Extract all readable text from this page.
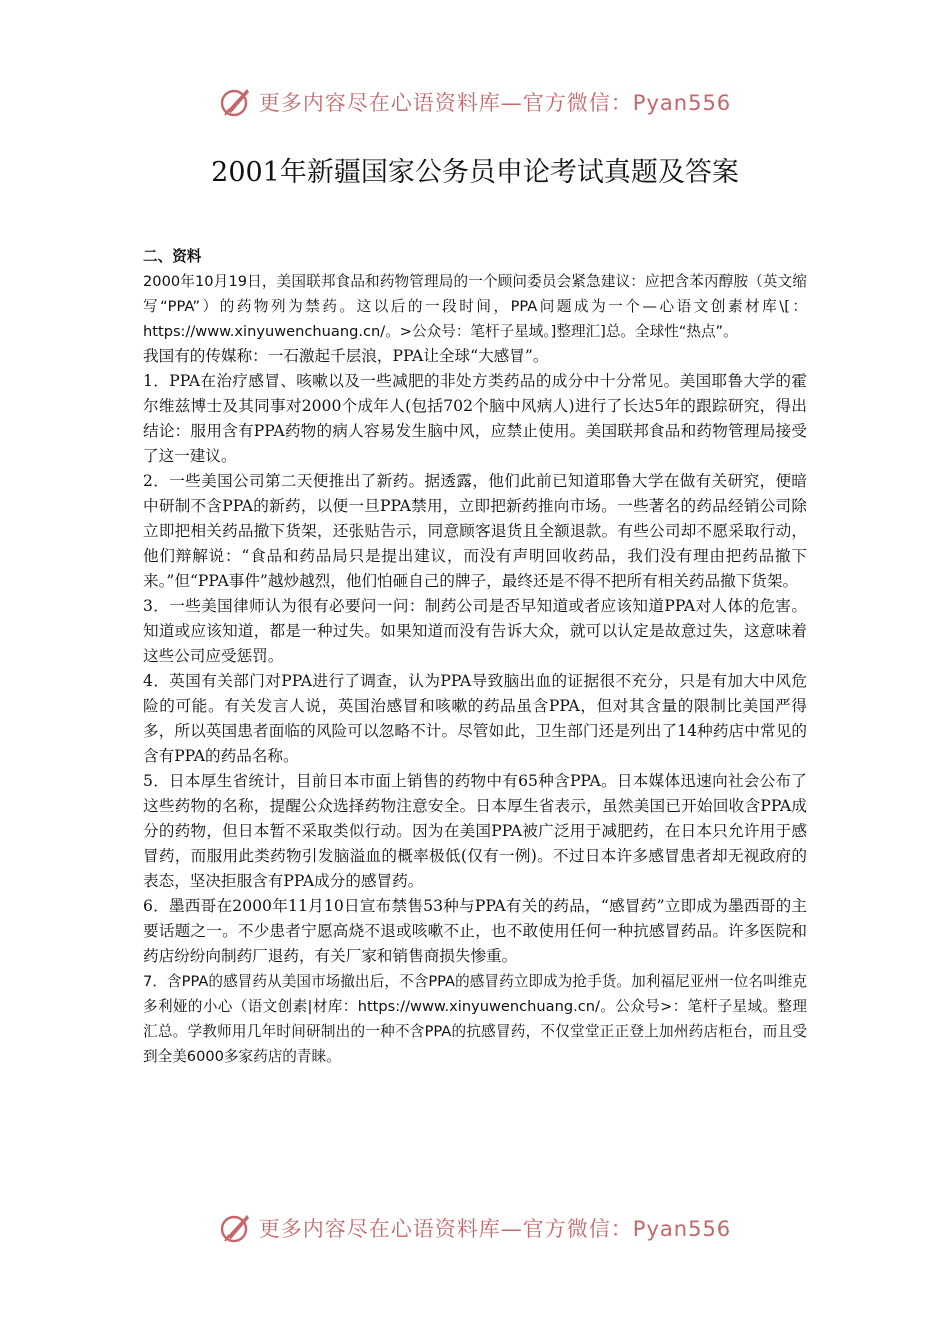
更多内容尽在心语资料库—官方微信：Pyan556
2001年新疆国家公务员申论考试真题及答案

二、资料

2000年10月19日，美国联邦食品和药物管理局的一个顾问委员会紧急建议：应把含苯丙醇胺（英文缩写“PPA”）的药物列为禁药。这以后的一段时间，PPA问题成为一个—心语文创素材库\[：https://www.xinyuwenchuang.cn/。>公众号：笔杆子星域。]整理汇]总。全球性“热点”。

我国有的传媒称：一石激起千层浪，PPA让全球“大感冒”。

1．PPA在治疗感冒、咳嗽以及一些减肥的非处方类药品的成分中十分常见。美国耶鲁大学的霍尔维兹博士及其同事对2000个成年人(包括702个脑中风病人)进行了长达5年的跟踪研究，得出结论：服用含有PPA药物的病人容易发生脑中风，应禁止使用。美国联邦食品和药物管理局接受了这一建议。

2．一些美国公司第二天便推出了新药。据透露，他们此前已知道耶鲁大学在做有关研究，便暗中研制不含PPA的新药，以便一旦PPA禁用，立即把新药推向市场。一些著名的药品经销公司除立即把相关药品撤下货架，还张贴告示，同意顾客退货且全额退款。有些公司却不愿采取行动，他们辩解说：“食品和药品局只是提出建议，而没有声明回收药品，我们没有理由把药品撤下来。”但“PPA事件”越炒越烈，他们怕砸自己的牌子，最终还是不得不把所有相关药品撤下货架。

3．一些美国律师认为很有必要问一问：制药公司是否早知道或者应该知道PPA对人体的危害。知道或应该知道，都是一种过失。如果知道而没有告诉大众，就可以认定是故意过失，这意味着这些公司应受惩罚。

4．英国有关部门对PPA进行了调查，认为PPA导致脑出血的证据很不充分，只是有加大中风危险的可能。有关发言人说，英国治感冒和咳嗽的药品虽含PPA，但对其含量的限制比美国严得多，所以英国患者面临的风险可以忽略不计。尽管如此，卫生部门还是列出了14种药店中常见的含有PPA的药品名称。

5．日本厚生省统计，目前日本市面上销售的药物中有65种含PPA。日本媒体迅速向社会公布了这些药物的名称，提醒公众选择药物注意安全。日本厚生省表示，虽然美国已开始回收含PPA成分的药物，但日本暂不采取类似行动。因为在美国PPA被广泛用于减肥药，在日本只允许用于感冒药，而服用此类药物引发脑溢血的概率极低(仅有一例)。不过日本许多感冒患者却无视政府的表态，坚决拒服含有PPA成分的感冒药。

6．墨西哥在2000年11月10日宣布禁售53种与PPA有关的药品，“感冒药”立即成为墨西哥的主要话题之一。不少患者宁愿高烧不退或咳嗽不止，也不敢使用任何一种抗感冒药品。许多医院和药店纷纷向制药厂退药，有关厂家和销售商损失惨重。

7．含PPA的感冒药从美国市场撤出后，不含PPA的感冒药立即成为抢手货。加利福尼亚州一位名叫维克多利娅的小心（语文创素|材库：https://www.xinyuwenchuang.cn/。公众号>：笔杆子星域。整理汇总。学教师用几年时间研制出的一种不含PPA的抗感冒药，不仅堂堂正正登上加州药店柜台，而且受到全美6000多家药店的青睐。

更多内容尽在心语资料库—官方微信：Pyan556
